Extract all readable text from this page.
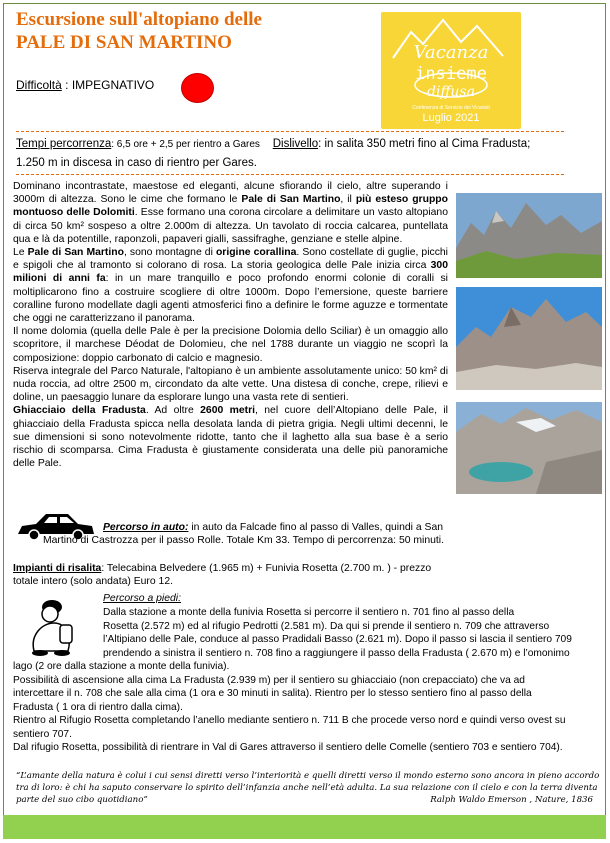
Escursione sull'altopiano delle
PALE DI SAN MARTINO
Difficoltà : IMPEGNATIVO
Vacanza
insieme
diffusa
Conferenza di Servizio dei Vicariati
Luglio 2021
Tempi percorrenza: 6,5 ore + 2,5 per rientro a Gares Dislivello: in salita 350 metri fino al Cima Fradusta;
1.250 m in discesa in caso di rientro per Gares.

Dominano incontrastate, maestose ed eleganti, alcune sfiorando il cielo, altre superando i 3000m di altezza. Sono le cime che formano le Pale di San Martino, il più esteso gruppo montuoso delle Dolomiti. Esse formano una corona circolare a delimitare un vasto altopiano di circa 50 km² sospeso a oltre 2.000m di altezza. Un tavolato di roccia calcarea, puntellata qua e là da potentille, raponzoli, papaveri gialli, sassifraghe, genziane e stelle alpine.

Le Pale di San Martino, sono montagne di origine corallina. Sono costellate di guglie, picchi e spigoli che al tramonto si colorano di rosa. La storia geologica delle Pale inizia circa 300 milioni di anni fa: in un mare tranquillo e poco profondo enormi colonie di coralli si moltiplicarono fino a costruire scogliere di oltre 1000m. Dopo l’emersione, queste barriere coralline furono modellate dagli agenti atmosferici fino a definire le forme aguzze e tormentate che oggi ne caratterizzano il panorama.

Il nome dolomia (quella delle Pale è per la precisione Dolomia dello Sciliar) è un omaggio allo scopritore, il marchese Déodat de Dolomieu, che nel 1788 durante un viaggio ne scoprì la composizione: doppio carbonato di calcio e magnesio.

Riserva integrale del Parco Naturale, l'altopiano è un ambiente assolutamente unico: 50 km² di nuda roccia, ad oltre 2500 m, circondato da alte vette. Una distesa di conche, crepe, rilievi e doline, un paesaggio lunare da esplorare lungo una vasta rete di sentieri.

Ghiacciaio della Fradusta. Ad oltre 2600 metri, nel cuore dell’Altopiano delle Pale, il ghiacciaio della Fradusta spicca nella desolata landa di pietra grigia. Negli ultimi decenni, le sue dimensioni si sono notevolmente ridotte, tanto che il laghetto alla sua base è a serio rischio di scomparsa. Cima Fradusta è giustamente considerata una delle più panoramiche delle Pale.

Percorso in auto: in auto da Falcade fino al passo di Valles, quindi a San Martino di Castrozza per il passo Rolle. Totale Km 33. Tempo di percorrenza: 50 minuti.
Impianti di risalita: Telecabina Belvedere (1.965 m) + Funivia Rosetta (2.700 m. ) - prezzo totale intero (solo andata) Euro 12.
Percorso a piedi:
Dalla stazione a monte della funivia Rosetta si percorre il sentiero n. 701 fino al passo della
Rosetta (2.572 m) ed al rifugio Pedrotti (2.581 m). Da qui si prende il sentiero n. 709 che attraverso
l’Altipiano delle Pale, conduce al passo Pradidali Basso (2.621 m). Dopo il passo si lascia il sentiero 709
prendendo a sinistra il sentiero n. 708 fino a raggiungere il passo della Fradusta ( 2.670 m) e l’omonimo
lago (2 ore dalla stazione a monte della funivia).
Possibilità di ascensione alla cima La Fradusta (2.939 m) per il sentiero su ghiacciaio (non crepacciato) che va ad
intercettare il n. 708 che sale alla cima (1 ora e 30 minuti in salita). Rientro per lo stesso sentiero fino al passo della
Fradusta ( 1 ora di rientro dalla cima).
Rientro al Rifugio Rosetta completando l’anello mediante sentiero n. 711 B che procede verso nord e quindi verso ovest su
sentiero 707.
Dal rifugio Rosetta, possibilità di rientrare in Val di Gares attraverso il sentiero delle Comelle (sentiero 703 e sentiero 704).
“L’amante della natura è colui i cui sensi diretti verso l’interiorità e quelli diretti verso il mondo esterno sono ancora in pieno accordo tra di loro: è chi ha saputo conservare lo spirito dell’infanzia anche nell’età adulta. La sua relazione con il cielo e con la terra diventa parte del suo cibo quotidiano”	Ralph Waldo Emerson , Nature, 1836
